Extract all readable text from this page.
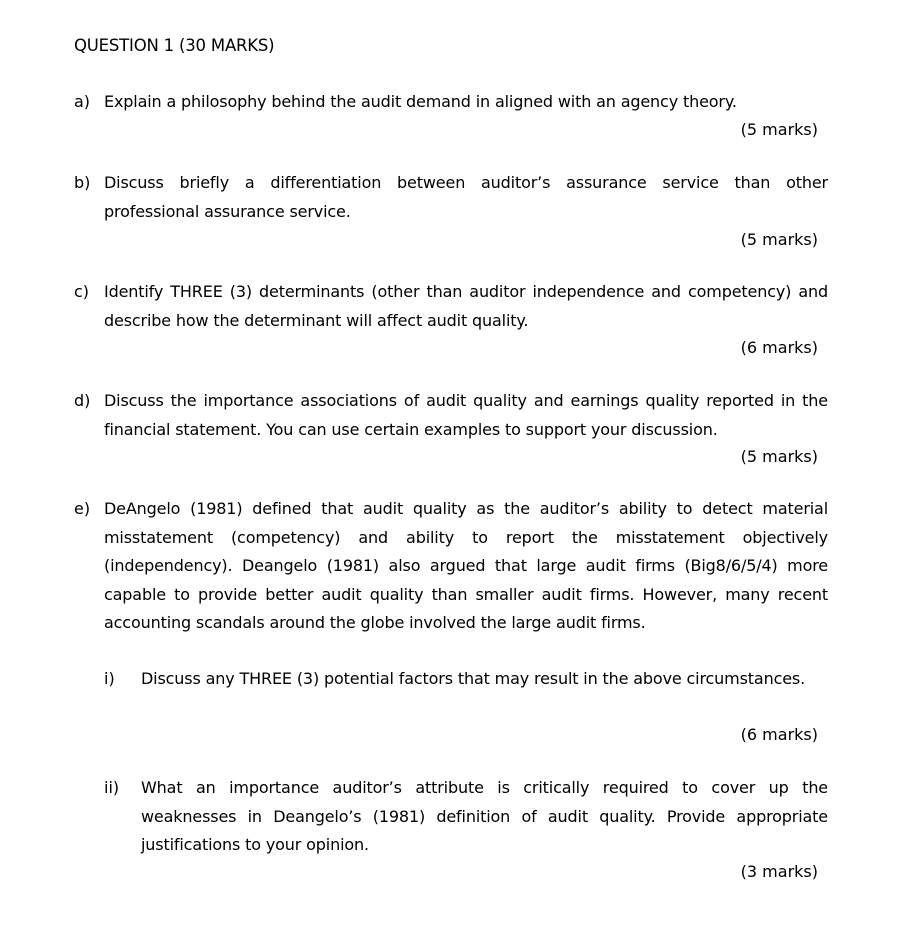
QUESTION 1 (30 MARKS)
a) Explain a philosophy behind the audit demand in aligned with an agency theory.
(5 marks)
b) Discuss briefly a differentiation between auditor’s assurance service than other professional assurance service.
(5 marks)
c) Identify THREE (3) determinants (other than auditor independence and competency) and describe how the determinant will affect audit quality.
(6 marks)
d) Discuss the importance associations of audit quality and earnings quality reported in the financial statement. You can use certain examples to support your discussion.
(5 marks)
e) DeAngelo (1981) defined that audit quality as the auditor’s ability to detect material misstatement (competency) and ability to report the misstatement objectively (independency). Deangelo (1981) also argued that large audit firms (Big8/6/5/4) more capable to provide better audit quality than smaller audit firms. However, many recent accounting scandals around the globe involved the large audit firms.
i)	Discuss any THREE (3) potential factors that may result in the above circumstances.
(6 marks)
ii)	What an importance auditor’s attribute is critically required to cover up the weaknesses in Deangelo’s (1981) definition of audit quality. Provide appropriate justifications to your opinion.
(3 marks)
